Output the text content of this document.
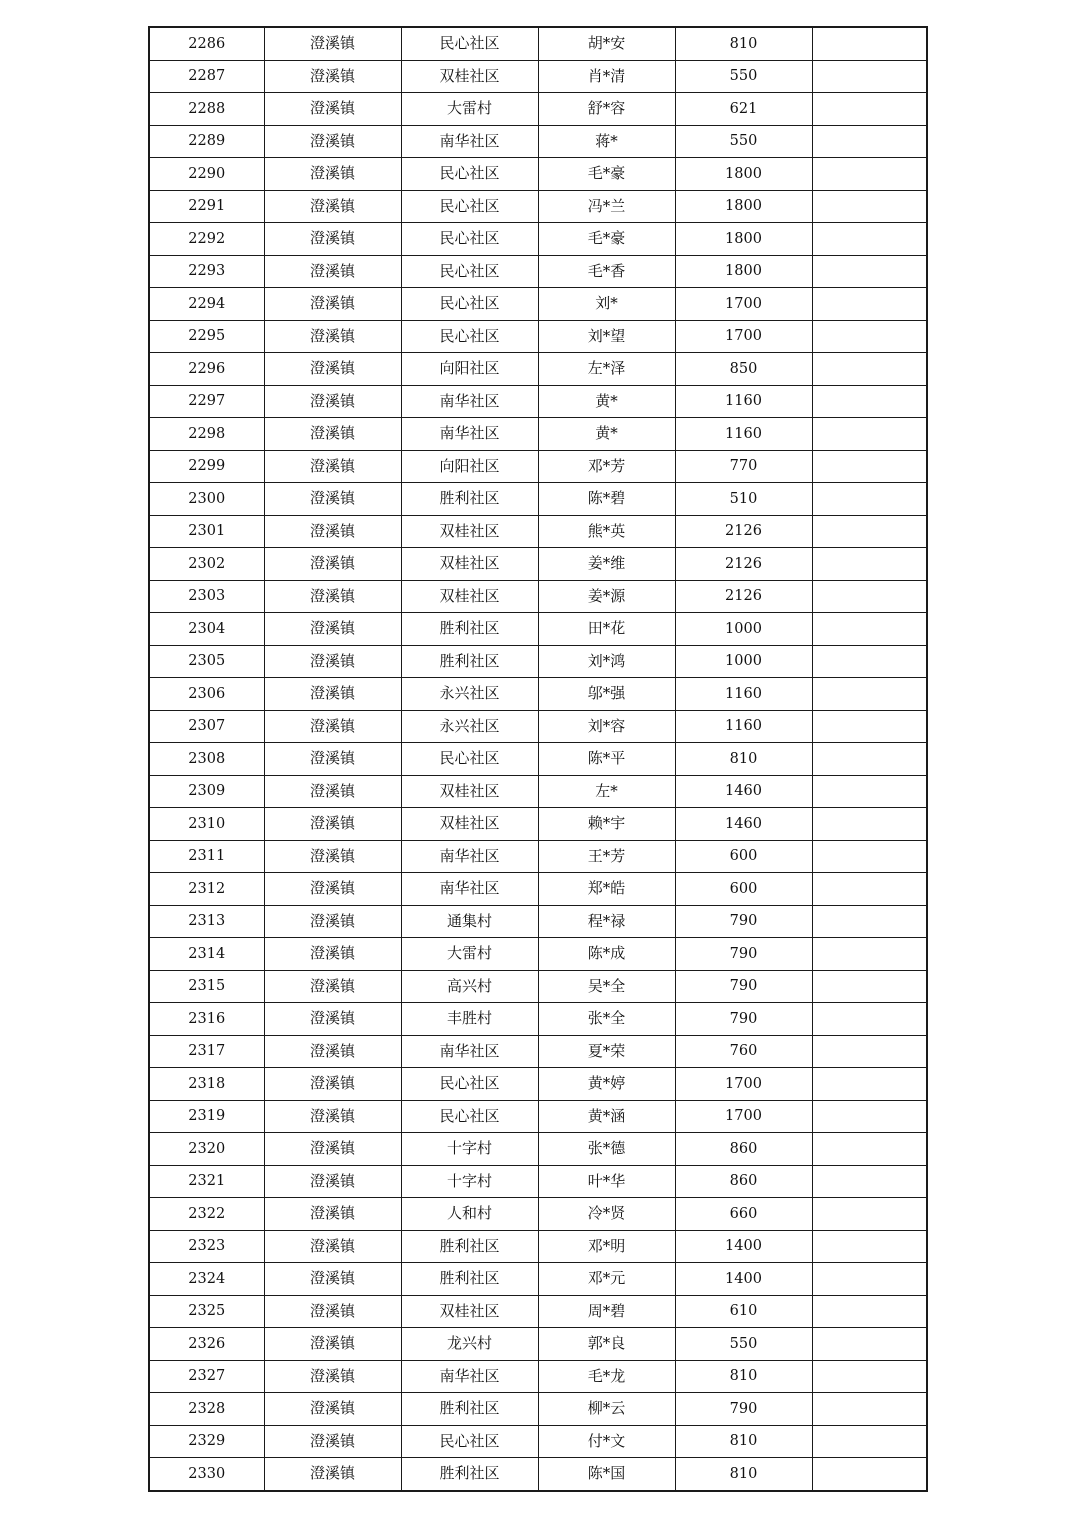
2286	澄溪镇	民心社区	胡*安	810	
2287	澄溪镇	双桂社区	肖*清	550	
2288	澄溪镇	大雷村	舒*容	621	
2289	澄溪镇	南华社区	蒋*	550	
2290	澄溪镇	民心社区	毛*豪	1800	
2291	澄溪镇	民心社区	冯*兰	1800	
2292	澄溪镇	民心社区	毛*豪	1800	
2293	澄溪镇	民心社区	毛*香	1800	
2294	澄溪镇	民心社区	刘*	1700	
2295	澄溪镇	民心社区	刘*望	1700	
2296	澄溪镇	向阳社区	左*泽	850	
2297	澄溪镇	南华社区	黄*	1160	
2298	澄溪镇	南华社区	黄*	1160	
2299	澄溪镇	向阳社区	邓*芳	770	
2300	澄溪镇	胜利社区	陈*碧	510	
2301	澄溪镇	双桂社区	熊*英	2126	
2302	澄溪镇	双桂社区	姜*维	2126	
2303	澄溪镇	双桂社区	姜*源	2126	
2304	澄溪镇	胜利社区	田*花	1000	
2305	澄溪镇	胜利社区	刘*鸿	1000	
2306	澄溪镇	永兴社区	邬*强	1160	
2307	澄溪镇	永兴社区	刘*容	1160	
2308	澄溪镇	民心社区	陈*平	810	
2309	澄溪镇	双桂社区	左*	1460	
2310	澄溪镇	双桂社区	赖*宇	1460	
2311	澄溪镇	南华社区	王*芳	600	
2312	澄溪镇	南华社区	郑*皓	600	
2313	澄溪镇	通集村	程*禄	790	
2314	澄溪镇	大雷村	陈*成	790	
2315	澄溪镇	高兴村	吴*全	790	
2316	澄溪镇	丰胜村	张*全	790	
2317	澄溪镇	南华社区	夏*荣	760	
2318	澄溪镇	民心社区	黄*婷	1700	
2319	澄溪镇	民心社区	黄*涵	1700	
2320	澄溪镇	十字村	张*德	860	
2321	澄溪镇	十字村	叶*华	860	
2322	澄溪镇	人和村	冷*贤	660	
2323	澄溪镇	胜利社区	邓*明	1400	
2324	澄溪镇	胜利社区	邓*元	1400	
2325	澄溪镇	双桂社区	周*碧	610	
2326	澄溪镇	龙兴村	郭*良	550	
2327	澄溪镇	南华社区	毛*龙	810	
2328	澄溪镇	胜利社区	柳*云	790	
2329	澄溪镇	民心社区	付*文	810	
2330	澄溪镇	胜利社区	陈*国	810	
